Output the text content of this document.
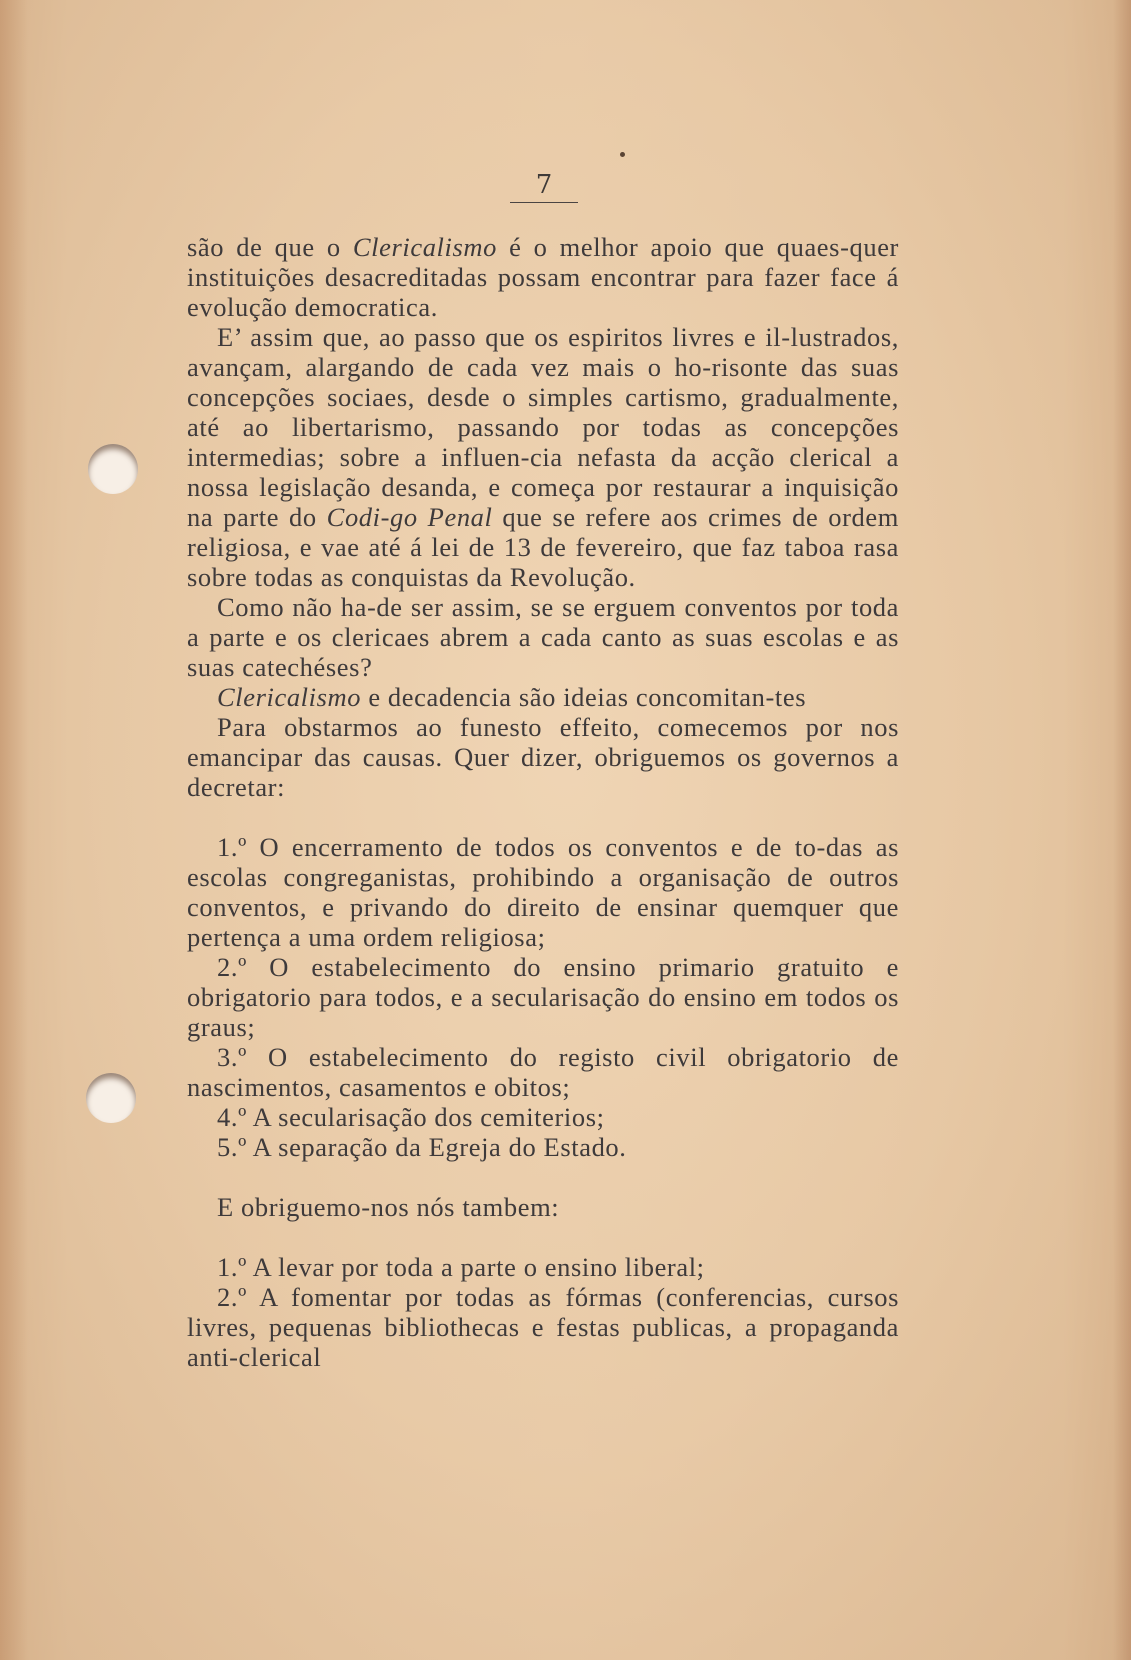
7

são de que o Clericalismo é o melhor apoio que quaes-quer instituições desacreditadas possam encontrar para fazer face á evolução democratica.

E’ assim que, ao passo que os espiritos livres e il-lustrados, avançam, alargando de cada vez mais o ho-risonte das suas concepções sociaes, desde o simples cartismo, gradualmente, até ao libertarismo, passando por todas as concepções intermedias; sobre a influen-cia nefasta da acção clerical a nossa legislação desanda, e começa por restaurar a inquisição na parte do Codi-go Penal que se refere aos crimes de ordem religiosa, e vae até á lei de 13 de fevereiro, que faz taboa rasa sobre todas as conquistas da Revolução.

Como não ha-de ser assim, se se erguem conventos por toda a parte e os clericaes abrem a cada canto as suas escolas e as suas catechéses?

Clericalismo e decadencia são ideias concomitan-tes

Para obstarmos ao funesto effeito, comecemos por nos emancipar das causas. Quer dizer, obriguemos os governos a decretar:

1.º O encerramento de todos os conventos e de to-das as escolas congreganistas, prohibindo a organisação de outros conventos, e privando do direito de ensinar quemquer que pertença a uma ordem religiosa;

2.º O estabelecimento do ensino primario gratuito e obrigatorio para todos, e a secularisação do ensino em todos os graus;

3.º O estabelecimento do registo civil obrigatorio de nascimentos, casamentos e obitos;

4.º A secularisação dos cemiterios;

5.º A separação da Egreja do Estado.

E obriguemo-nos nós tambem:

1.º A levar por toda a parte o ensino liberal;

2.º A fomentar por todas as fórmas (conferencias, cursos livres, pequenas bibliothecas e festas publicas, a propaganda anti-clerical
